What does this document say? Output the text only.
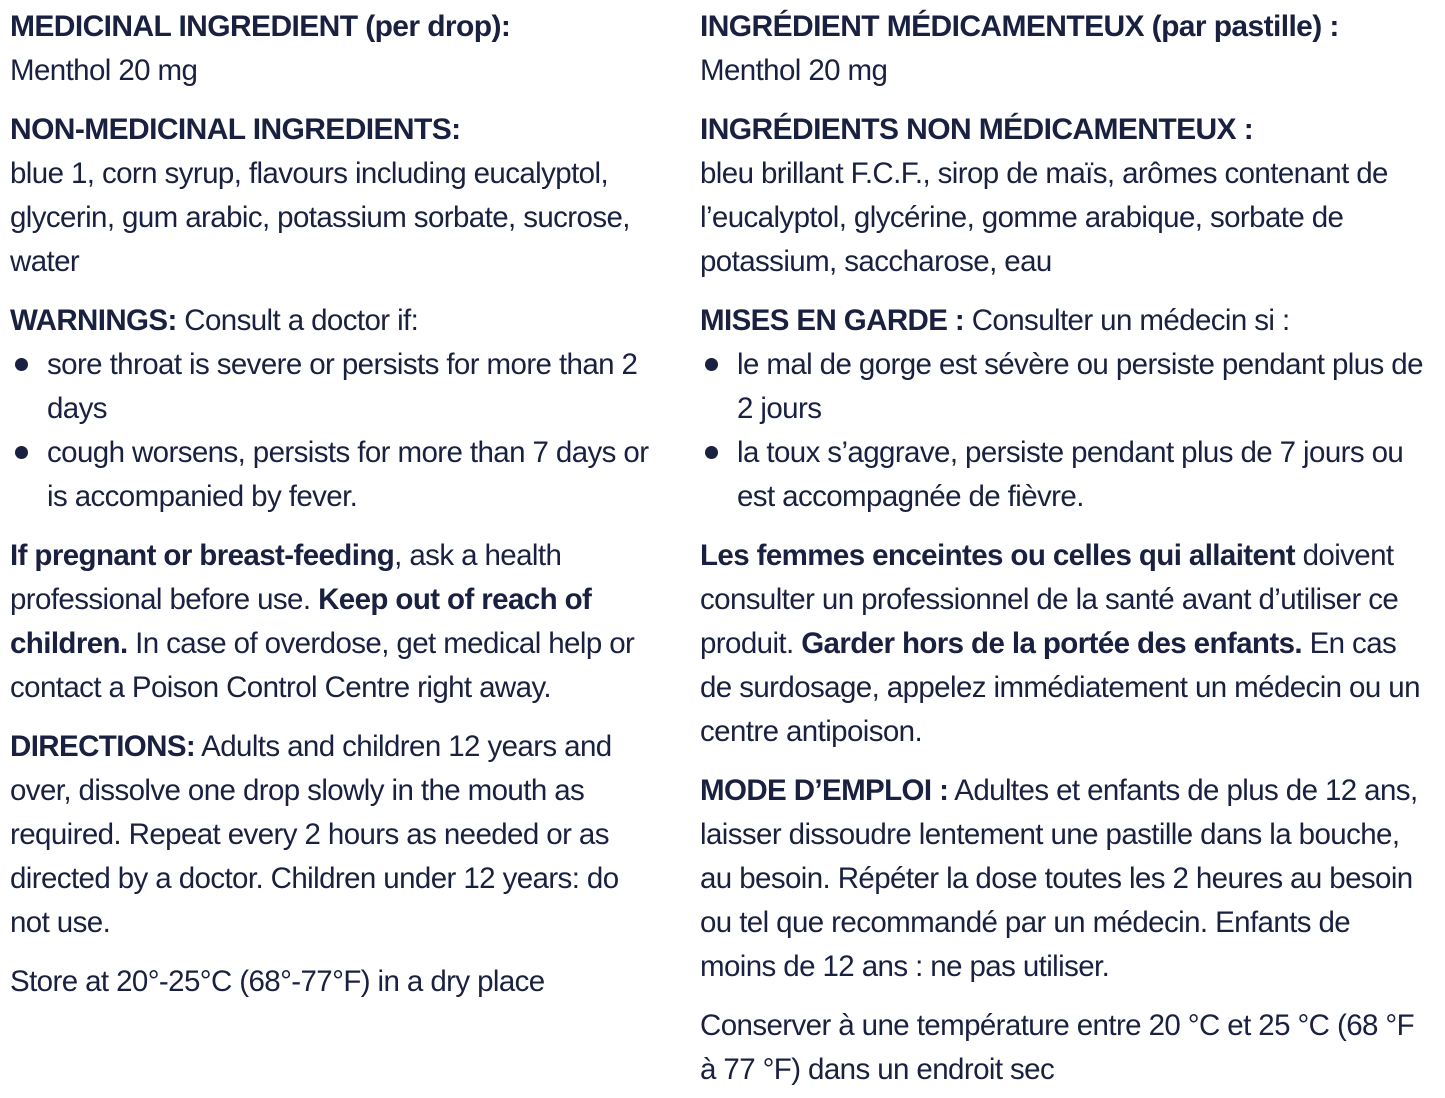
MEDICINAL INGREDIENT (per drop):

Menthol 20 mg

NON-MEDICINAL INGREDIENTS:

blue 1, corn syrup, flavours including eucalyptol, glycerin, gum arabic, potassium sorbate, sucrose, water

WARNINGS: Consult a doctor if:

sore throat is severe or persists for more than 2 days
cough worsens, persists for more than 7 days or is accompanied by fever.

If pregnant or breast-feeding, ask a health professional before use. Keep out of reach of children. In case of overdose, get medical help or contact a Poison Control Centre right away.

DIRECTIONS: Adults and children 12 years and over, dissolve one drop slowly in the mouth as required. Repeat every 2 hours as needed or as directed by a doctor. Children under 12 years: do not use.

Store at 20°-25°C (68°-77°F) in a dry place

INGRÉDIENT MÉDICAMENTEUX (par pastille) :

Menthol 20 mg

INGRÉDIENTS NON MÉDICAMENTEUX :

bleu brillant F.C.F., sirop de maïs, arômes contenant de l’eucalyptol, glycérine, gomme arabique, sorbate de potassium, saccharose, eau

MISES EN GARDE : Consulter un médecin si :

le mal de gorge est sévère ou persiste pendant plus de 2 jours
la toux s’aggrave, persiste pendant plus de 7 jours ou est accompagnée de fièvre.

Les femmes enceintes ou celles qui allaitent doivent consulter un professionnel de la santé avant d’utiliser ce produit. Garder hors de la portée des enfants. En cas de surdosage, appelez immédiatement un médecin ou un centre antipoison.

MODE D’EMPLOI : Adultes et enfants de plus de 12 ans, laisser dissoudre lentement une pastille dans la bouche, au besoin. Répéter la dose toutes les 2 heures au besoin ou tel que recommandé par un médecin. Enfants de moins de 12 ans : ne pas utiliser.

Conserver à une température entre 20 °C et 25 °C (68 °F à 77 °F) dans un endroit sec
